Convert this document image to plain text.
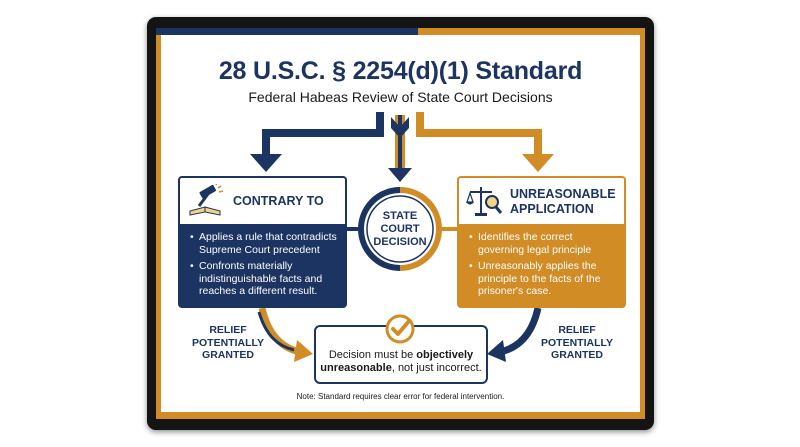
28 U.S.C. § 2254(d)(1) Standard
Federal Habeas Review of State Court Decisions
CONTRARY TO
• Applies a rule that contradicts Supreme Court precedent
• Confronts materially indistinguishable facts and reaches a different result.
UNREASONABLE
APPLICATION
• Identifies the correct governing legal principle
• Unreasonably applies the principle to the facts of the prisoner's case.
STATE
COURT
DECISION
RELIEF
POTENTIALLY
GRANTED
RELIEF
POTENTIALLY
GRANTED
Decision must be objectively unreasonable, not just incorrect.
Note: Standard requires clear error for federal intervention.
